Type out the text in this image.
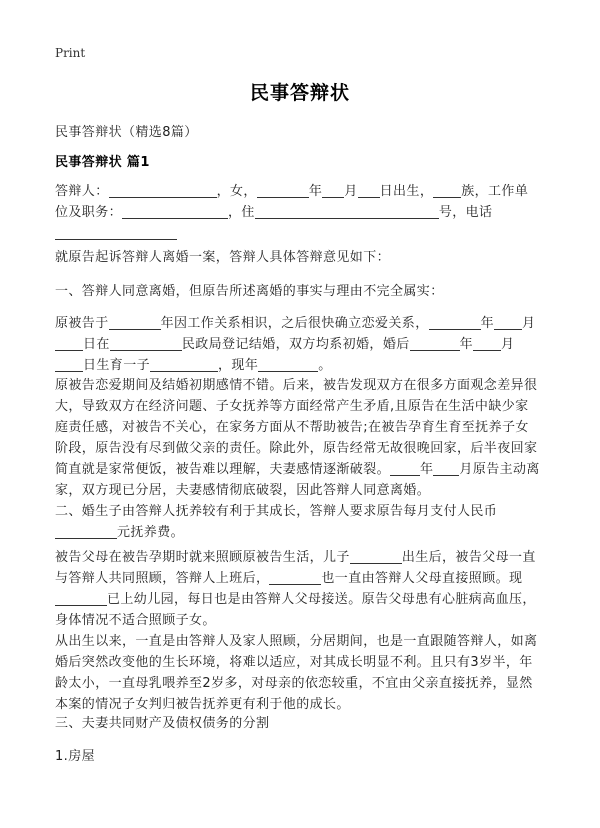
Print
民事答辩状
民事答辩状（精选8篇）
民事答辩状 篇1
答辩人：	，女，	年 月 日出生， 族，工作单
位及职务：	，住	号，电话
就原告起诉答辩人离婚一案，答辩人具体答辩意见如下：
一、答辩人同意离婚，但原告所述离婚的事实与理由不完全属实：
原被告于	年因工作关系相识，之后很快确立恋爱关系，	年 月
日在	民政局登记结婚，双方均系初婚，婚后	年 月
日生育一子	，现年	。
原被告恋爱期间及结婚初期感情不错。后来，被告发现双方在很多方面观念差异很
大，导致双方在经济问题、子女抚养等方面经常产生矛盾,且原告在生活中缺少家
庭责任感，对被告不关心，在家务方面从不帮助被告;在被告孕育生育至抚养子女
阶段，原告没有尽到做父亲的责任。除此外，原告经常无故很晚回家，后半夜回家
简直就是家常便饭，被告难以理解，夫妻感情逐渐破裂。 年 月原告主动离
家，双方现已分居，夫妻感情彻底破裂，因此答辩人同意离婚。
二、婚生子由答辩人抚养较有利于其成长，答辩人要求原告每月支付人民币
元抚养费。
被告父母在被告孕期时就来照顾原被告生活，儿子	出生后，被告父母一直
与答辩人共同照顾，答辩人上班后，	也一直由答辩人父母直接照顾。现
已上幼儿园，每日也是由答辩人父母接送。原告父母患有心脏病高血压，
身体情况不适合照顾子女。
从出生以来，一直是由答辩人及家人照顾，分居期间，也是一直跟随答辩人，如离
婚后突然改变他的生长环境，将难以适应，对其成长明显不利。且只有3岁半，年
龄太小，一直母乳喂养至2岁多，对母亲的依恋较重，不宜由父亲直接抚养，显然
本案的情况子女判归被告抚养更有利于他的成长。
三、夫妻共同财产及债权债务的分割
1.房屋
